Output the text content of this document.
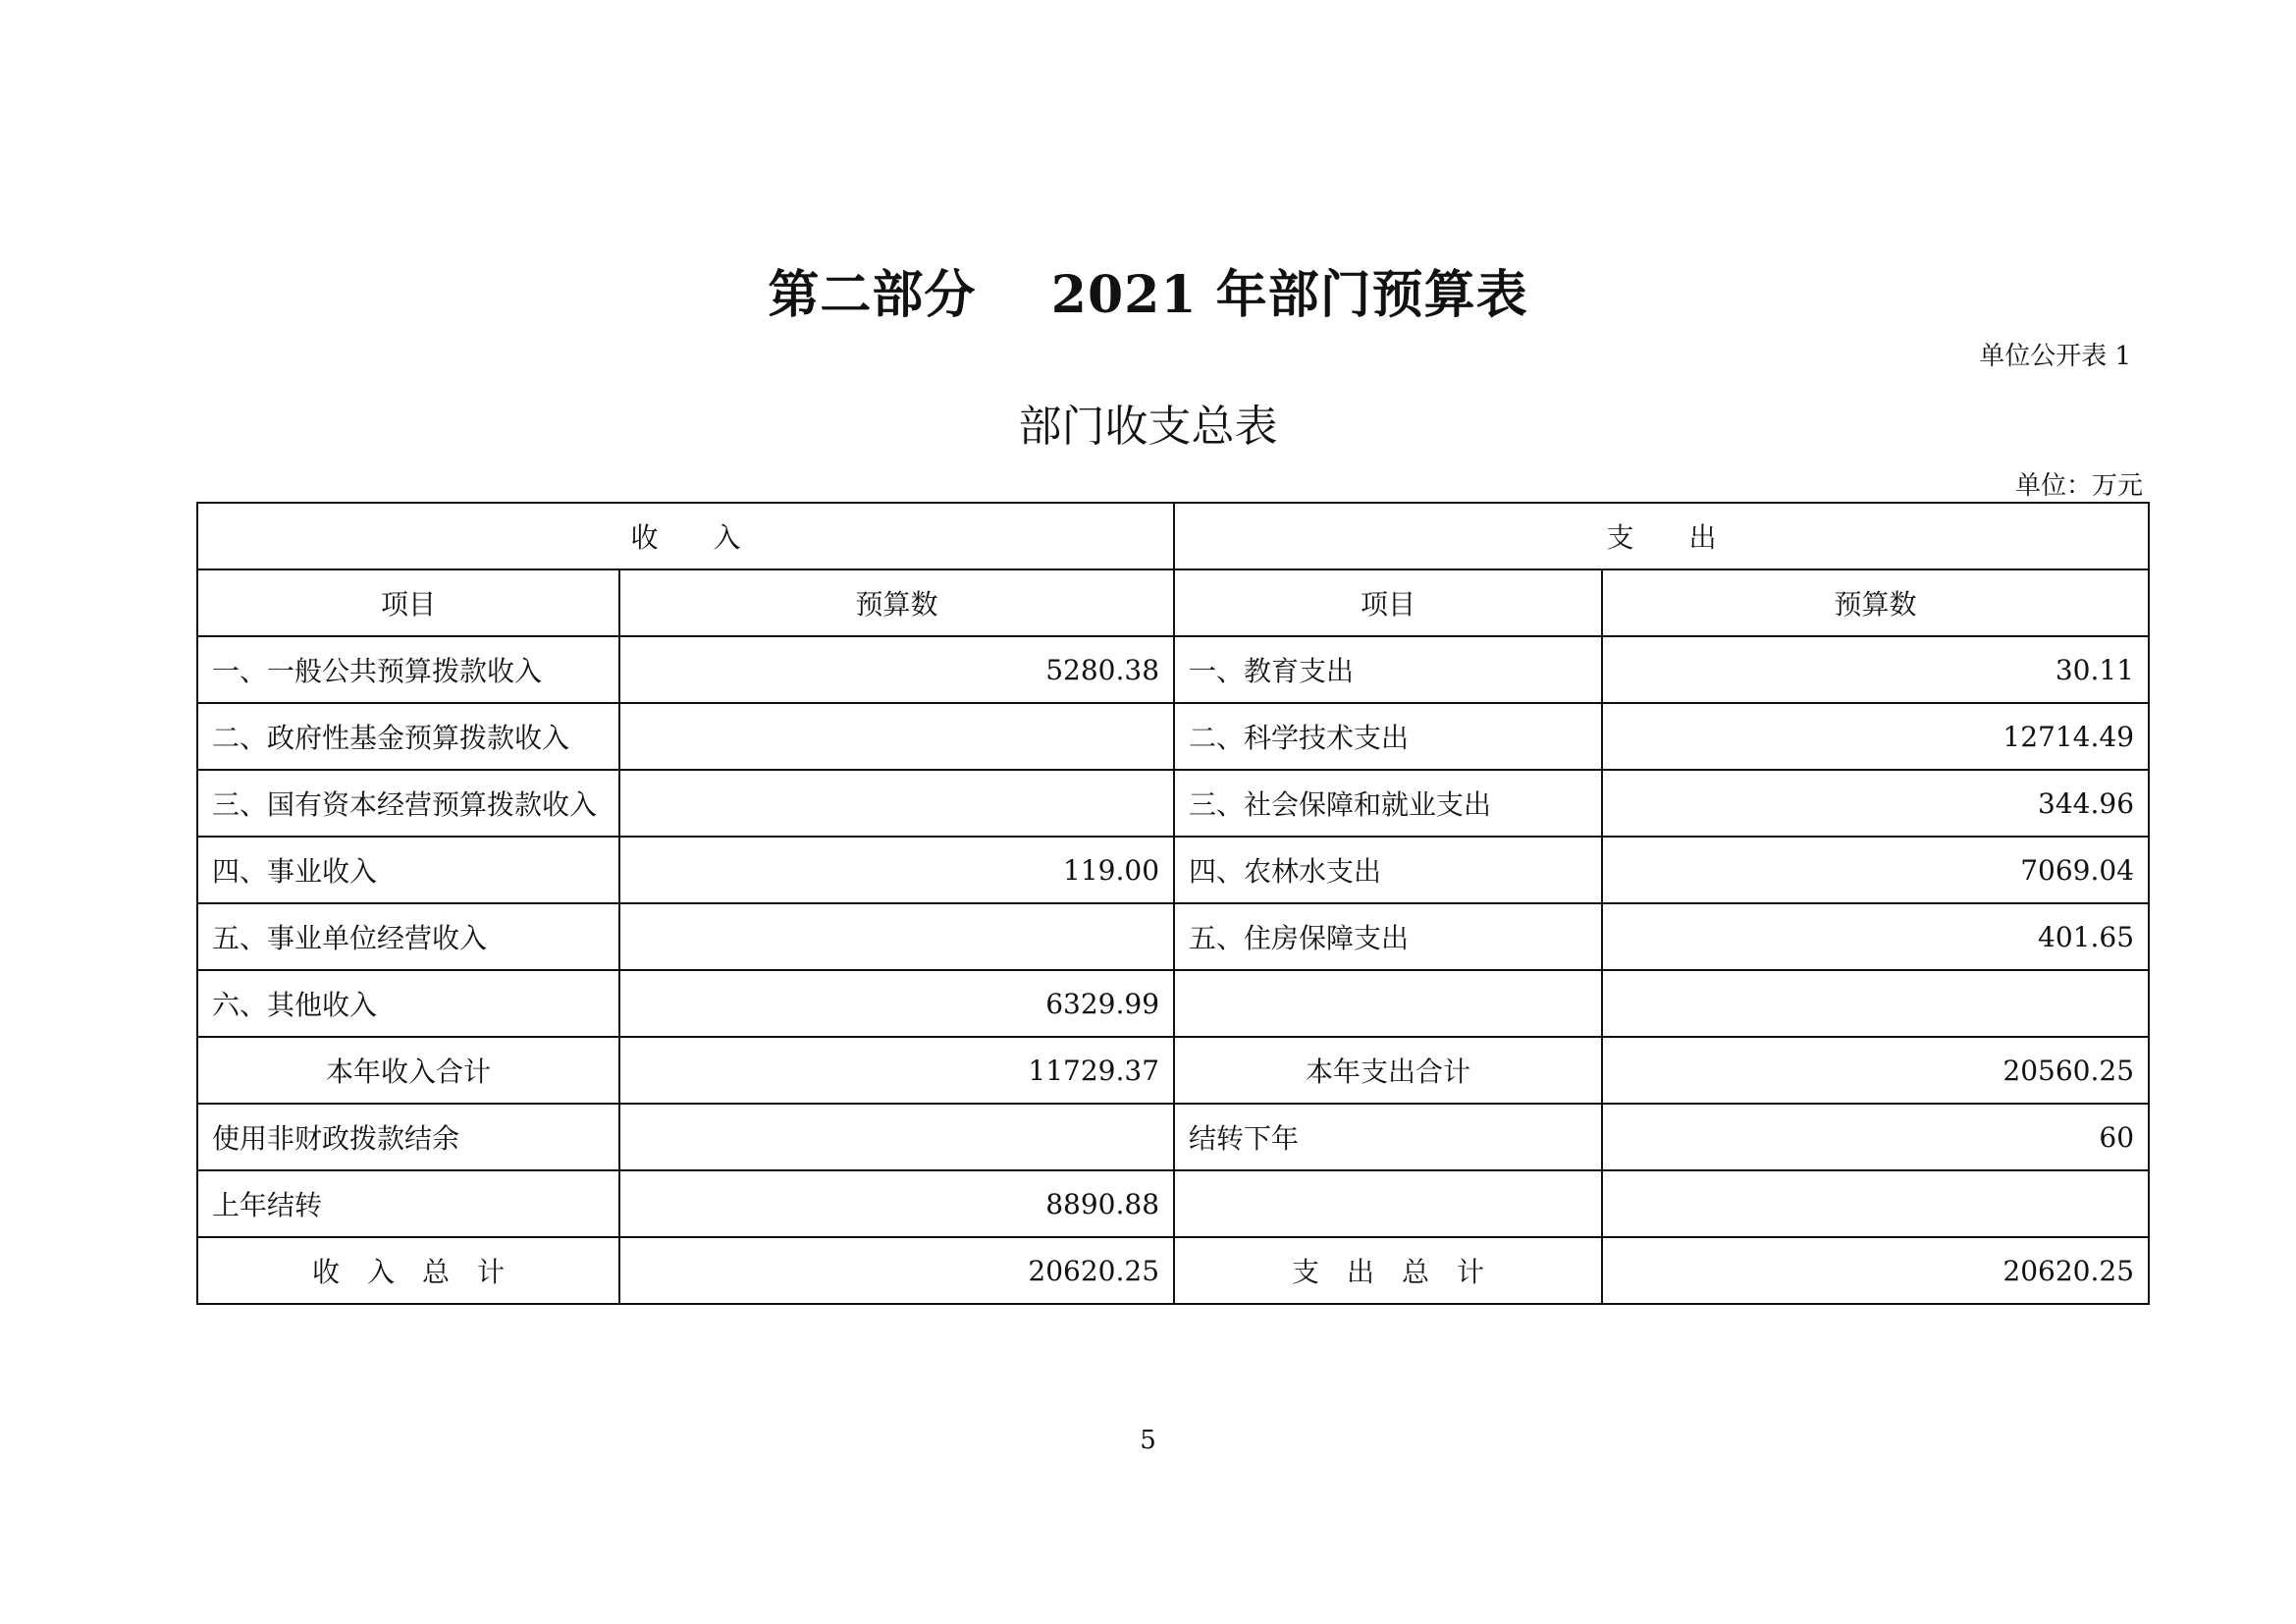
第二部分    2021 年部门预算表
单位公开表 1
部门收支总表
单位：万元
收　　入		支　　出	
项目	预算数	项目	预算数
一、一般公共预算拨款收入	5280.38	一、教育支出	30.11
二、政府性基金预算拨款收入		二、科学技术支出	12714.49
三、国有资本经营预算拨款收入		三、社会保障和就业支出	344.96
四、事业收入	119.00	四、农林水支出	7069.04
五、事业单位经营收入		五、住房保障支出	401.65
六、其他收入	6329.99		
本年收入合计	11729.37	本年支出合计	20560.25
使用非财政拨款结余		结转下年	60
上年结转	8890.88		
收　入　总　计	20620.25	支　出　总　计	20620.25
5
